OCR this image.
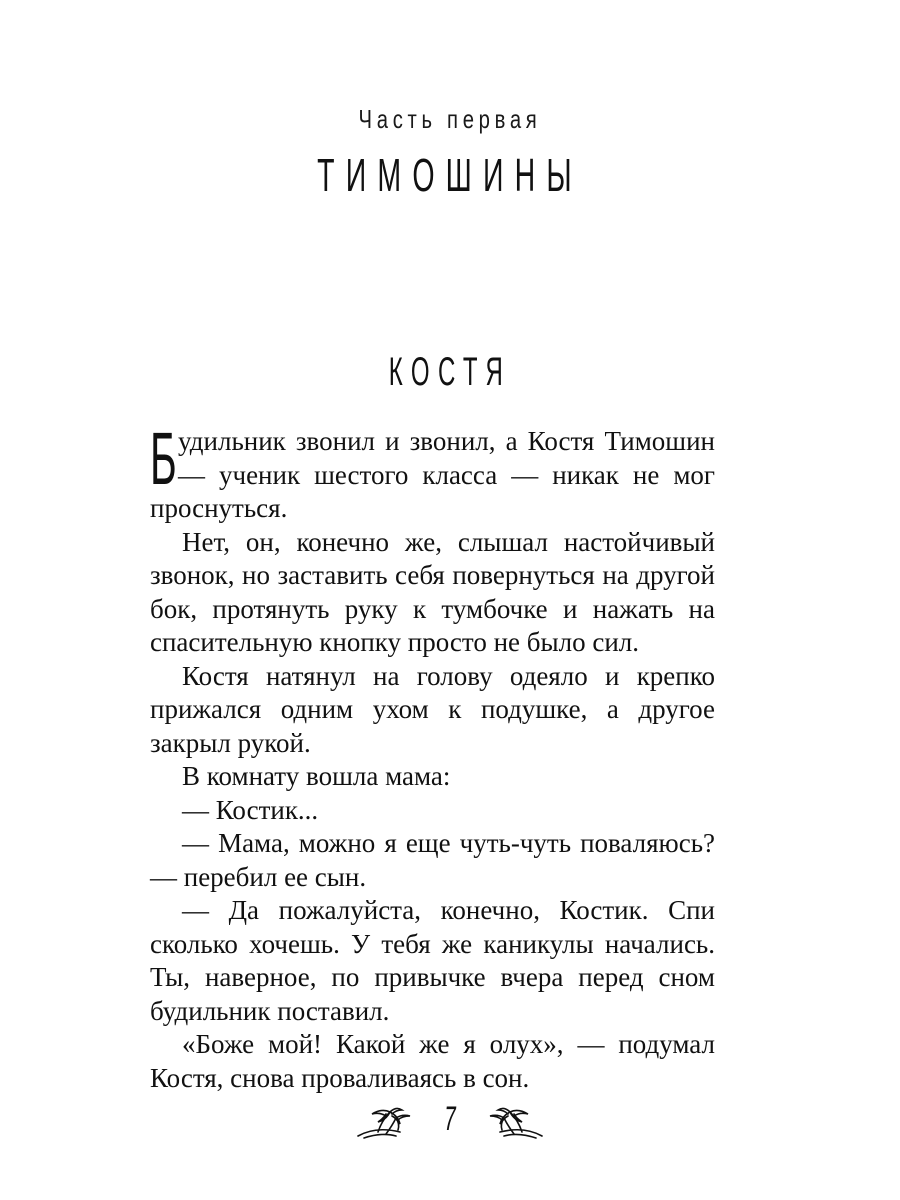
Часть первая
ТИМОШИНЫ
КОСТЯ

Будильник звонил и звонил, а Костя Тимошин — ученик шестого класса — никак не мог проснуться.

Нет, он, конечно же, слышал настойчивый звонок, но заставить себя повернуться на другой бок, протянуть руку к тумбочке и нажать на спасительную кнопку просто не было сил.

Костя натянул на голову одеяло и крепко прижался одним ухом к подушке, а другое закрыл рукой.

В комнату вошла мама:

— Костик...

— Мама, можно я еще чуть-чуть поваляюсь? — перебил ее сын.

— Да пожалуйста, конечно, Костик. Спи сколько хочешь. У тебя же каникулы начались. Ты, наверное, по привычке вчера перед сном будильник поставил.

«Боже мой! Какой же я олух», — подумал Костя, снова проваливаясь в сон.

7
